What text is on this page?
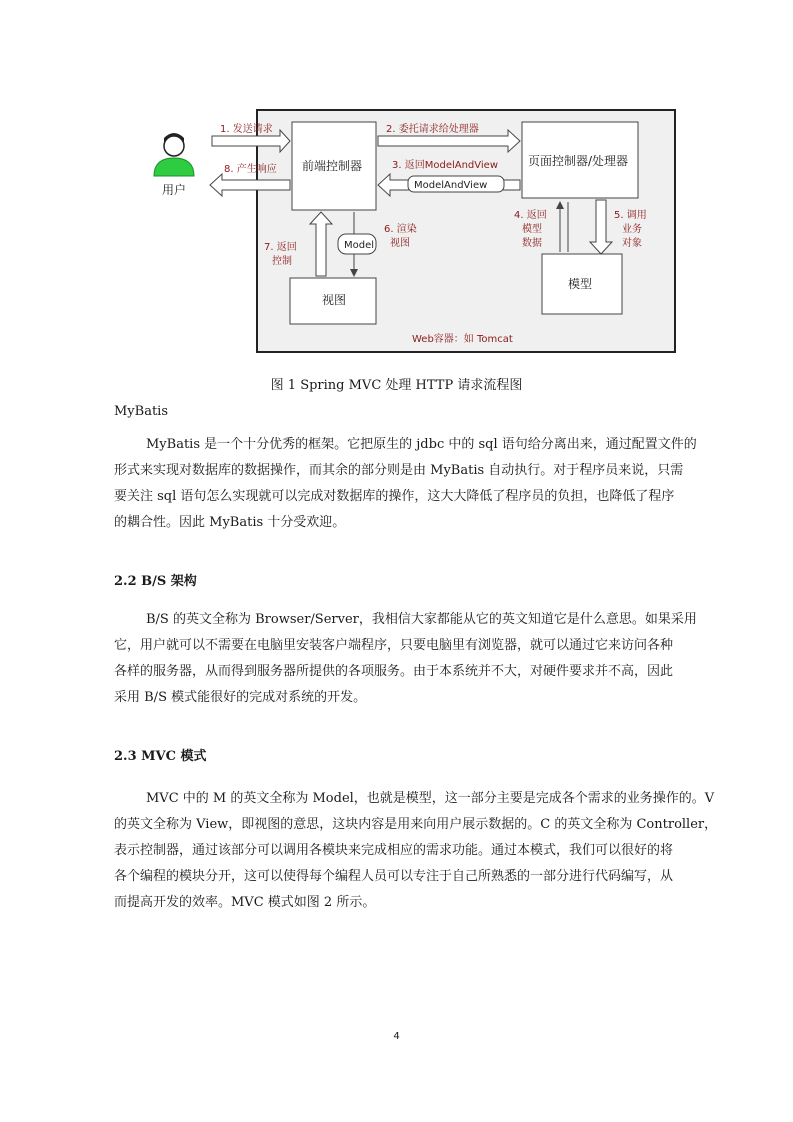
用户
前端控制器	页面控制器/处理器
视图
模型
1. 发送请求
8. 产生响应
2. 委托请求给处理器
3. 返回ModelAndView
ModelAndView
Model
6. 渲染
视图
7. 返回
控制
4. 返回
模型
数据
5. 调用
业务
对象
Web容器：如 Tomcat

图 1 Spring MVC 处理 HTTP 请求流程图

MyBatis

MyBatis 是一个十分优秀的框架。它把原生的 jdbc 中的 sql 语句给分离出来，通过配置文件的
形式来实现对数据库的数据操作，而其余的部分则是由 MyBatis 自动执行。对于程序员来说，只需
要关注 sql 语句怎么实现就可以完成对数据库的操作，这大大降低了程序员的负担，也降低了程序
的耦合性。因此 MyBatis 十分受欢迎。

2.2 B/S 架构

B/S 的英文全称为 Browser/Server，我相信大家都能从它的英文知道它是什么意思。如果采用
它，用户就可以不需要在电脑里安装客户端程序，只要电脑里有浏览器，就可以通过它来访问各种
各样的服务器，从而得到服务器所提供的各项服务。由于本系统并不大，对硬件要求并不高，因此
采用 B/S 模式能很好的完成对系统的开发。

2.3 MVC 模式

MVC 中的 M 的英文全称为 Model，也就是模型，这一部分主要是完成各个需求的业务操作的。V
的英文全称为 View，即视图的意思，这块内容是用来向用户展示数据的。C 的英文全称为 Controller，
表示控制器，通过该部分可以调用各模块来完成相应的需求功能。通过本模式，我们可以很好的将
各个编程的模块分开，这可以使得每个编程人员可以专注于自己所熟悉的一部分进行代码编写，从
而提高开发的效率。MVC 模式如图 2 所示。
4
